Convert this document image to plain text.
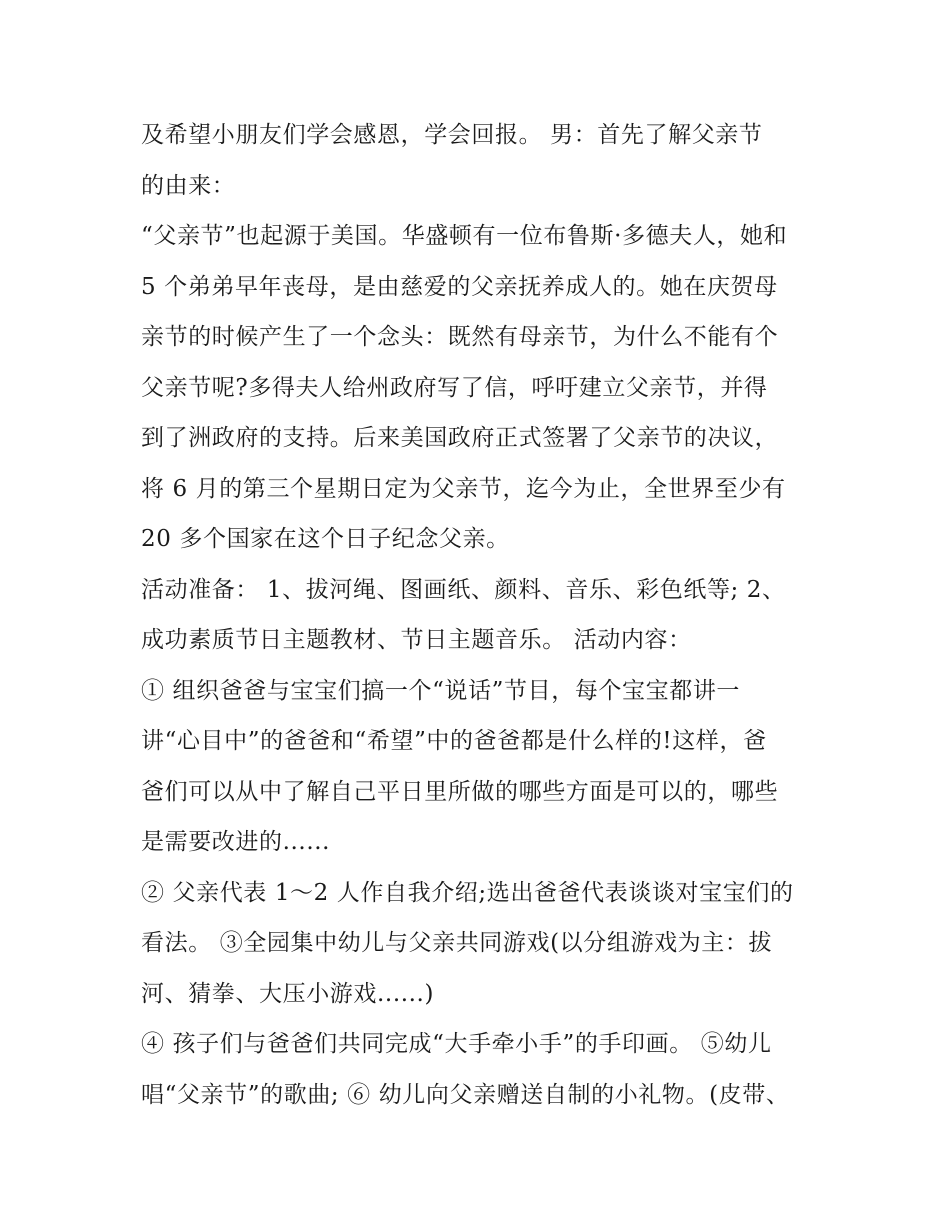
及希望小朋友们学会感恩，学会回报。 男：首先了解父亲节
的由来：
“父亲节”也起源于美国。华盛顿有一位布鲁斯·多德夫人，她和
5 个弟弟早年丧母，是由慈爱的父亲抚养成人的。她在庆贺母
亲节的时候产生了一个念头：既然有母亲节，为什么不能有个
父亲节呢?多得夫人给州政府写了信，呼吁建立父亲节，并得
到了洲政府的支持。后来美国政府正式签署了父亲节的决议，
将 6 月的第三个星期日定为父亲节，迄今为止，全世界至少有
20 多个国家在这个日子纪念父亲。
活动准备： 1、拔河绳、图画纸、颜料、音乐、彩色纸等; 2、
成功素质节日主题教材、节日主题音乐。 活动内容：
① 组织爸爸与宝宝们搞一个“说话”节目，每个宝宝都讲一
讲“心目中”的爸爸和“希望”中的爸爸都是什么样的!这样，爸
爸们可以从中了解自己平日里所做的哪些方面是可以的，哪些
是需要改进的......
② 父亲代表 1～2 人作自我介绍;选出爸爸代表谈谈对宝宝们的
看法。 ③全园集中幼儿与父亲共同游戏(以分组游戏为主：拔
河、猜拳、大压小游戏......)
④ 孩子们与爸爸们共同完成“大手牵小手”的手印画。 ⑤幼儿
唱“父亲节”的歌曲; ⑥ 幼儿向父亲赠送自制的小礼物。(皮带、
